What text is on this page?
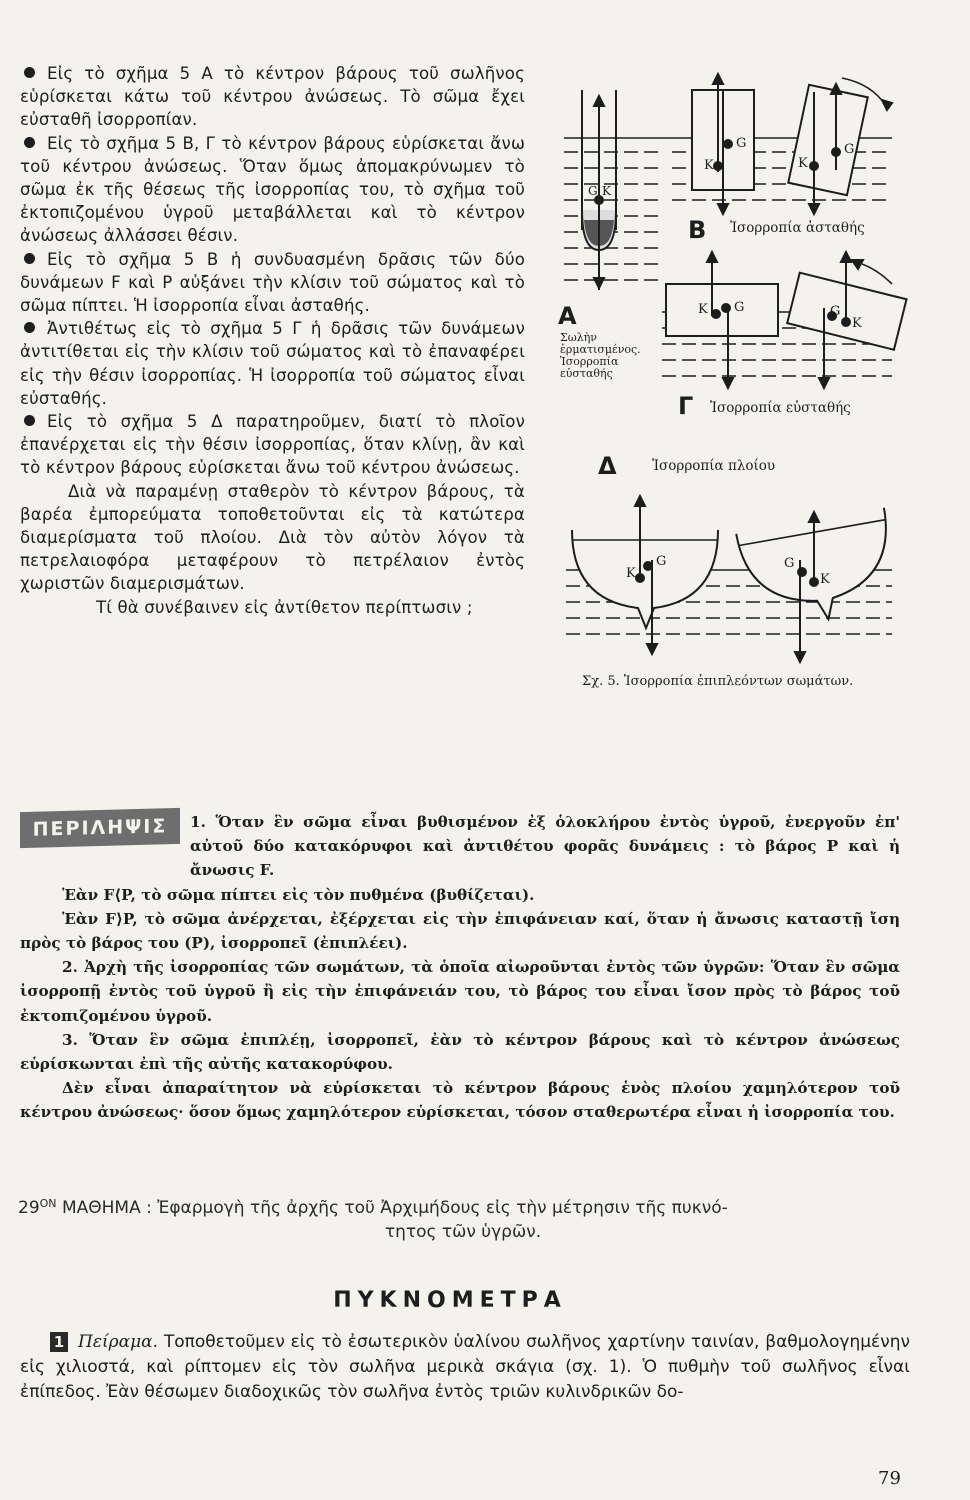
Εἰς τὸ σχῆμα 5 Α τὸ κέντρον βάρους τοῦ σωλῆνος εὑρίσκεται κάτω τοῦ κέντρου ἀνώσεως. Τὸ σῶμα ἔχει εὐσταθῆ ἰσορροπίαν.

Εἰς τὸ σχῆμα 5 Β, Γ τὸ κέντρον βάρους εὑρίσκεται ἄνω τοῦ κέντρου ἀνώσεως. Ὅταν ὅμως ἀπομακρύνωμεν τὸ σῶμα ἐκ τῆς θέσεως τῆς ἰσορροπίας του, τὸ σχῆμα τοῦ ἐκτοπιζομένου ὑγροῦ μεταβάλλεται καὶ τὸ κέντρον ἀνώσεως ἀλλάσσει θέσιν.

Εἰς τὸ σχῆμα 5 Β ἡ συνδυασμένη δρᾶσις τῶν δύο δυνάμεων F καὶ P αὐξάνει τὴν κλίσιν τοῦ σώματος καὶ τὸ σῶμα πίπτει. Ἡ ἰσορροπία εἶναι ἀσταθής.

Ἀντιθέτως εἰς τὸ σχῆμα 5 Γ ἡ δρᾶσις τῶν δυνάμεων ἀντιτίθεται εἰς τὴν κλίσιν τοῦ σώματος καὶ τὸ ἐπαναφέρει εἰς τὴν θέσιν ἰσορροπίας. Ἡ ἰσορροπία τοῦ σώματος εἶναι εὐσταθής.

Εἰς τὸ σχῆμα 5 Δ παρατηροῦμεν, διατί τὸ πλοῖον ἐπανέρχεται εἰς τὴν θέσιν ἰσορροπίας, ὅταν κλίνῃ, ἂν καὶ τὸ κέντρον βάρους εὑρίσκεται ἄνω τοῦ κέντρου ἀνώσεως.

Διὰ νὰ παραμένῃ σταθερὸν τὸ κέντρον βάρους, τὰ βαρέα ἐμπορεύματα τοποθετοῦνται εἰς τὰ κατώτερα διαμερίσματα τοῦ πλοίου. Διὰ τὸν αὐτὸν λόγον τὰ πετρελαιοφόρα μεταφέρουν τὸ πετρέλαιον ἐντὸς χωριστῶν διαμερισμάτων.

Τί θὰ συνέβαινεν εἰς ἀντίθετον περίπτωσιν ;

Α
Β
Γ
Δ
Σωλὴν
ἑρματισμένος.
Ἰσορροπία
εὐσταθής
Ἰσορροπία ἀσταθής
Ἰσορροπία εὐσταθής
Ἰσορροπία πλοίου
K
G
K
G
G K
K G	G
K
K
G	G
K
Σχ. 5. Ἰσορροπία ἐπιπλεόντων σωμάτων.
ΠΕΡΙΛΗΨΙΣ	1. Ὅταν ἓν σῶμα εἶναι βυθισμένον ἐξ ὁλοκλήρου ἐντὸς ὑγροῦ, ἐνεργοῦν ἐπ' αὐτοῦ δύο κατακόρυφοι καὶ ἀντιθέτου φορᾶς δυνάμεις : τὸ βάρος P καὶ ἡ ἄνωσις F.

Ἐὰν F⟨P, τὸ σῶμα πίπτει εἰς τὸν πυθμένα (βυθίζεται).

Ἐὰν F⟩P, τὸ σῶμα ἀνέρχεται, ἐξέρχεται εἰς τὴν ἐπιφάνειαν καί, ὅταν ἡ ἄνωσις καταστῇ ἴση πρὸς τὸ βάρος του (P), ἰσορροπεῖ (ἐπιπλέει).

2. Ἀρχὴ τῆς ἰσορροπίας τῶν σωμάτων, τὰ ὁποῖα αἰωροῦνται ἐντὸς τῶν ὑγρῶν: Ὅταν ἓν σῶμα ἰσορροπῇ ἐντὸς τοῦ ὑγροῦ ἢ εἰς τὴν ἐπιφάνειάν του, τὸ βάρος του εἶναι ἴσον πρὸς τὸ βάρος τοῦ ἐκτοπιζομένου ὑγροῦ.

3. Ὅταν ἓν σῶμα ἐπιπλέῃ, ἰσορροπεῖ, ἐὰν τὸ κέντρον βάρους καὶ τὸ κέντρον ἀνώσεως εὑρίσκωνται ἐπὶ τῆς αὐτῆς κατακορύφου.

Δὲν εἶναι ἀπαραίτητον νὰ εὑρίσκεται τὸ κέντρον βάρους ἑνὸς πλοίου χαμηλότερον τοῦ κέντρου ἀνώσεως· ὅσον ὅμως χαμηλότερον εὑρίσκεται, τόσον σταθερωτέρα εἶναι ἡ ἰσορροπία του.

$29^{ON}$ ΜΑΘΗΜΑ : Ἐφαρμογὴ τῆς ἀρχῆς τοῦ Ἀρχιμήδους εἰς τὴν μέτρησιν τῆς πυκνό-
τητος τῶν ὑγρῶν.
ΠΥΚΝΟΜΕΤΡΑ

1 Πείραμα. Τοποθετοῦμεν εἰς τὸ ἐσωτερικὸν ὑαλίνου σωλῆνος χαρτίνην ταινίαν, βαθμολογημένην εἰς χιλιοστά, καὶ ρίπτομεν εἰς τὸν σωλῆνα μερικὰ σκάγια (σχ. 1). Ὁ πυθμὴν τοῦ σωλῆνος εἶναι ἐπίπεδος. Ἐὰν θέσωμεν διαδοχικῶς τὸν σωλῆνα ἐντὸς τριῶν κυλινδρικῶν δο-

79
